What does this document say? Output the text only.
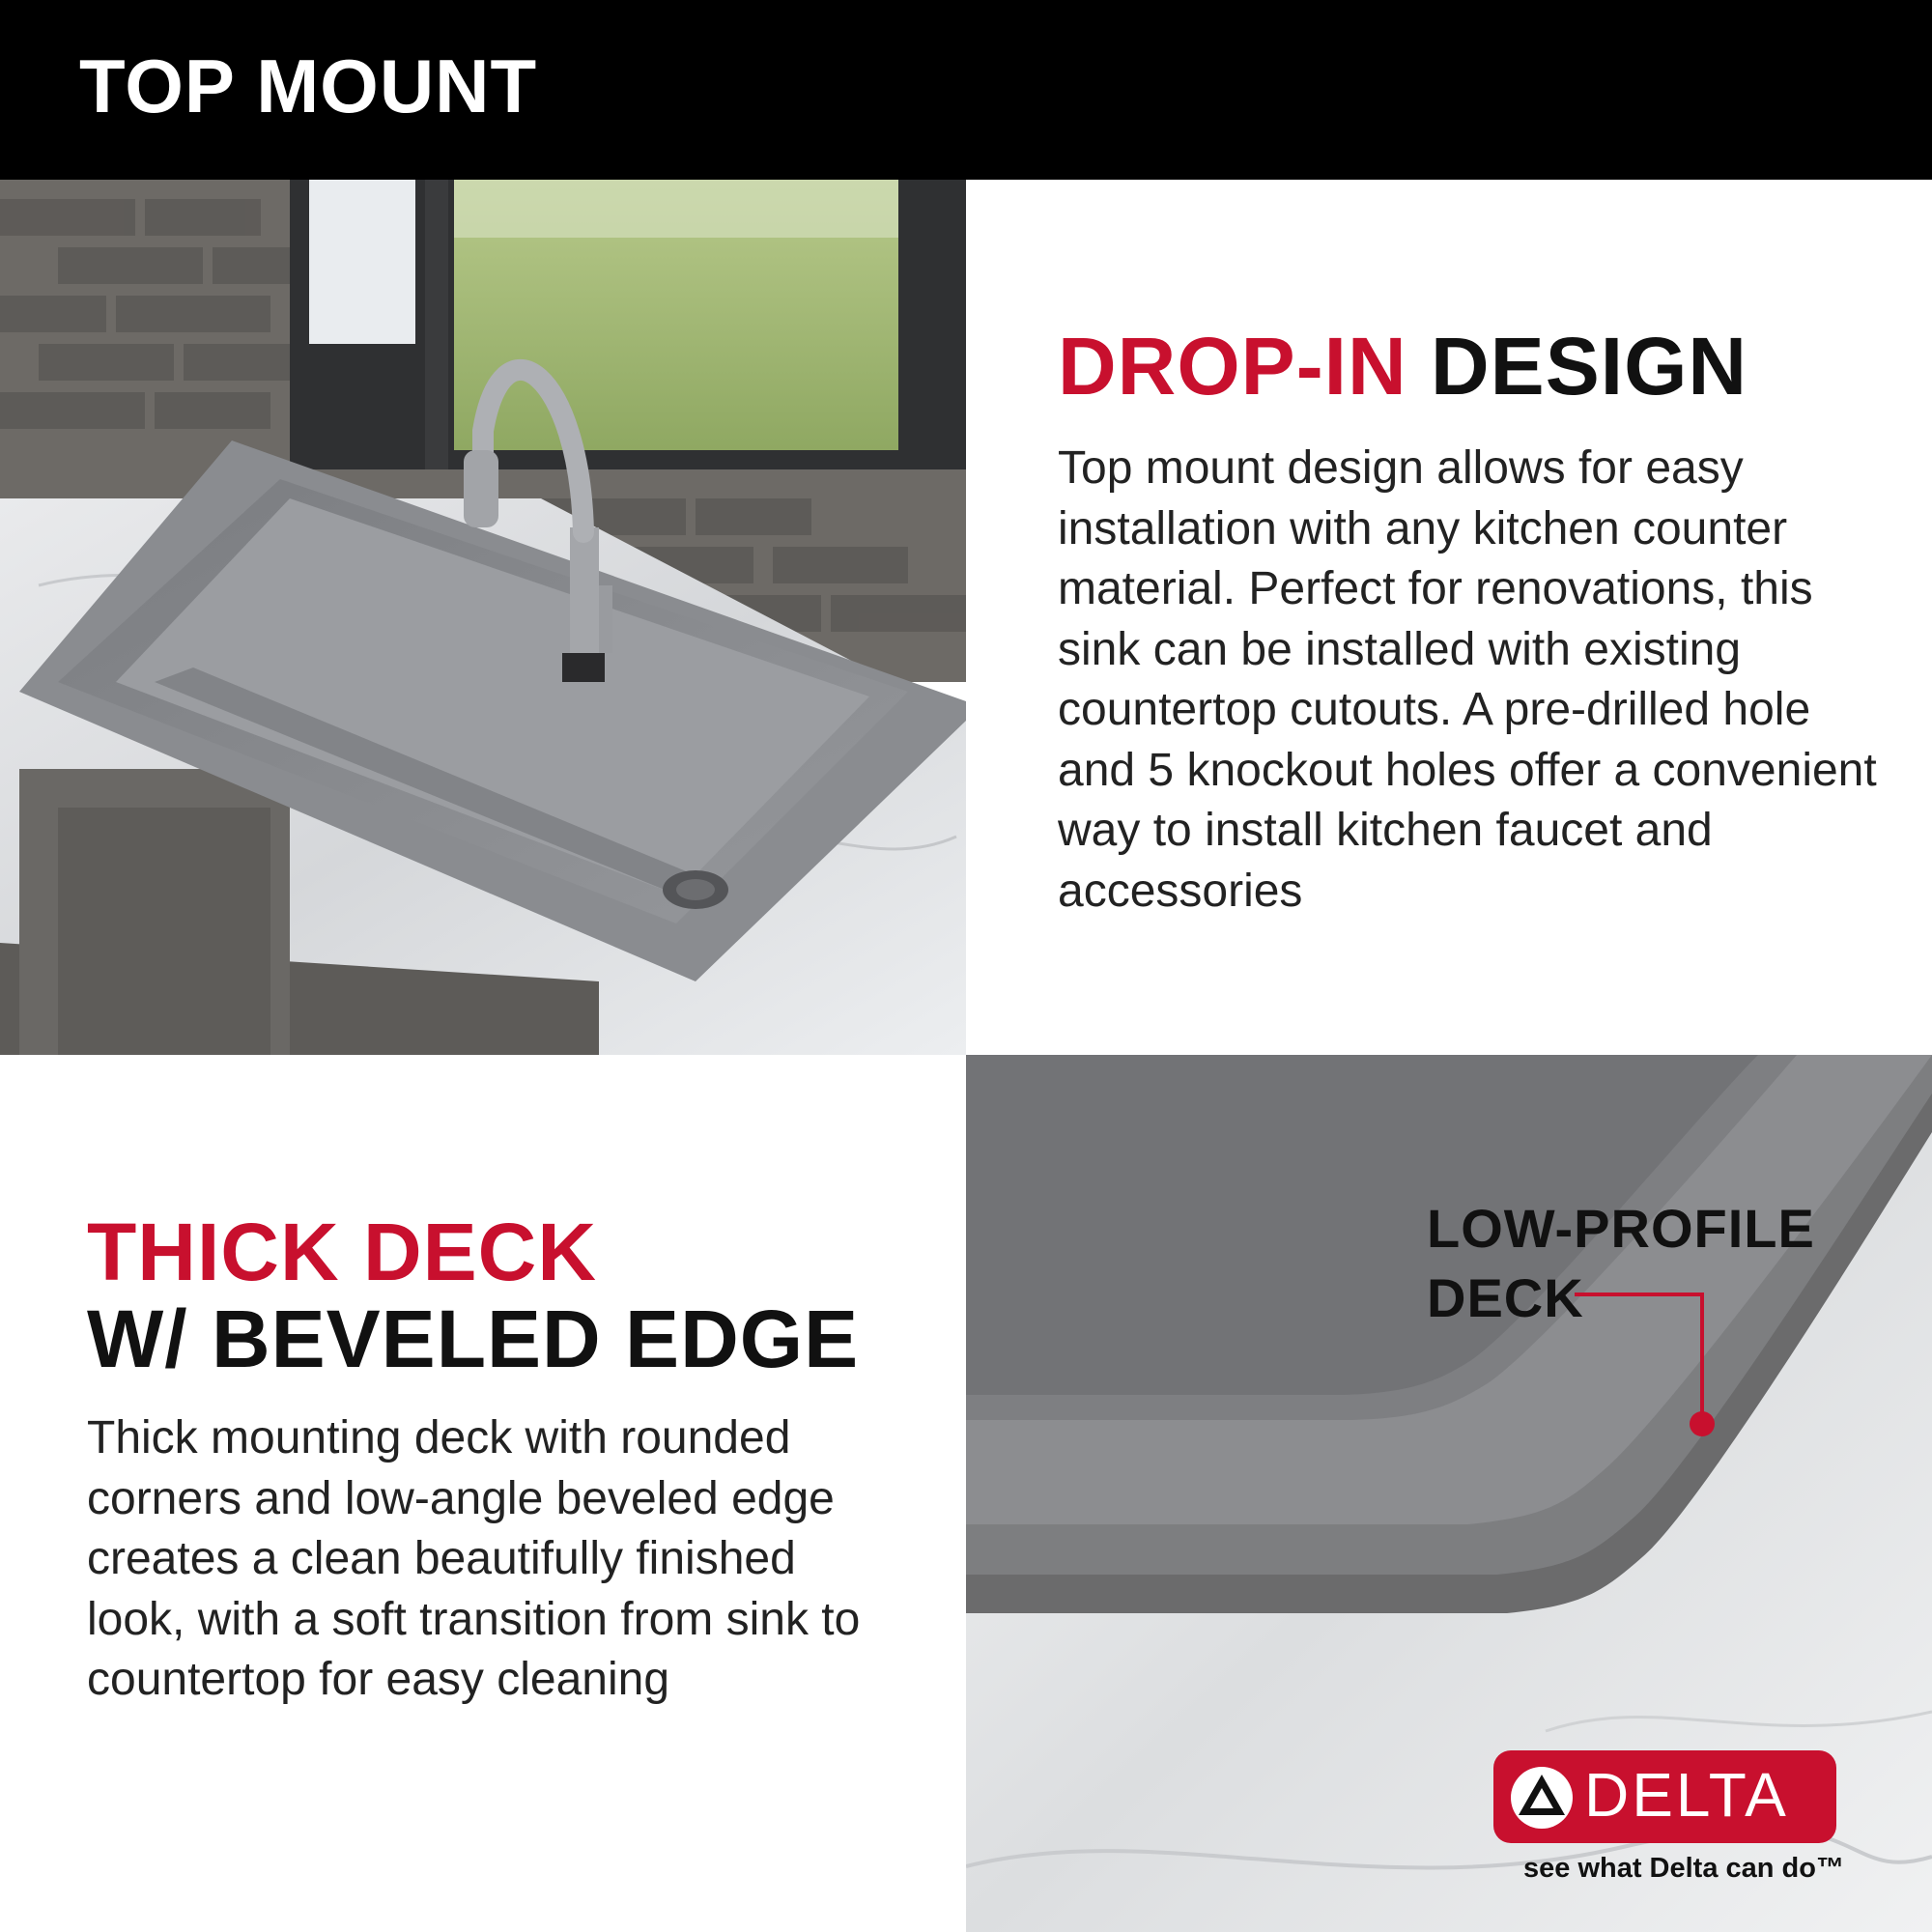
TOP MOUNT
DROP-IN DESIGN
Top mount design allows for easy installation with any kitchen counter material. Perfect for renovations, this sink can be installed with existing countertop cutouts. A pre-drilled hole and 5 knockout holes offer a convenient way to install kitchen faucet and accessories
THICK DECK
W/ BEVELED EDGE
Thick mounting deck with rounded corners and low-angle beveled edge creates a clean beautifully finished look, with a soft transition from sink to countertop for easy cleaning
LOW-PROFILE
DECK
DELTA
see what Delta can do™
